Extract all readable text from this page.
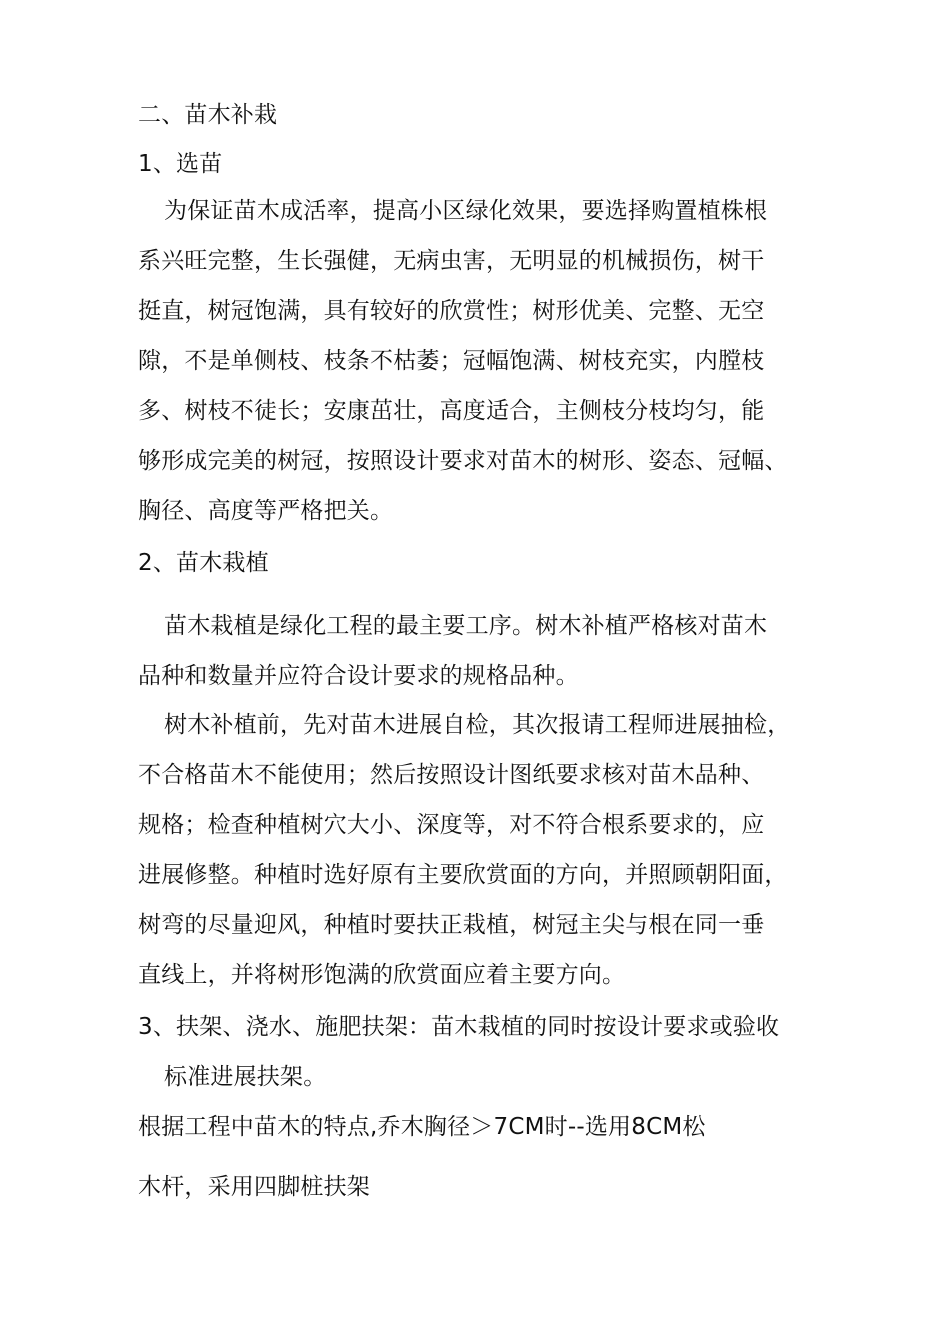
二、苗木补栽
1、选苗
为保证苗木成活率，提高小区绿化效果，要选择购置植株根
系兴旺完整，生长强健，无病虫害，无明显的机械损伤，树干
挺直，树冠饱满，具有较好的欣赏性；树形优美、完整、无空
隙，不是单侧枝、枝条不枯萎；冠幅饱满、树枝充实，内膛枝
多、树枝不徒长；安康茁壮，高度适合，主侧枝分枝均匀，能
够形成完美的树冠，按照设计要求对苗木的树形、姿态、冠幅、
胸径、高度等严格把关。
2、苗木栽植
苗木栽植是绿化工程的最主要工序。树木补植严格核对苗木
品种和数量并应符合设计要求的规格品种。
树木补植前，先对苗木进展自检，其次报请工程师进展抽检，
不合格苗木不能使用；然后按照设计图纸要求核对苗木品种、
规格；检查种植树穴大小、深度等，对不符合根系要求的，应
进展修整。种植时选好原有主要欣赏面的方向，并照顾朝阳面，
树弯的尽量迎风，种植时要扶正栽植，树冠主尖与根在同一垂
直线上，并将树形饱满的欣赏面应着主要方向。
3、扶架、浇水、施肥扶架：苗木栽植的同时按设计要求或验收
标准进展扶架。
根据工程中苗木的特点,乔木胸径＞7CM时--选用8CM松
木杆，采用四脚桩扶架
